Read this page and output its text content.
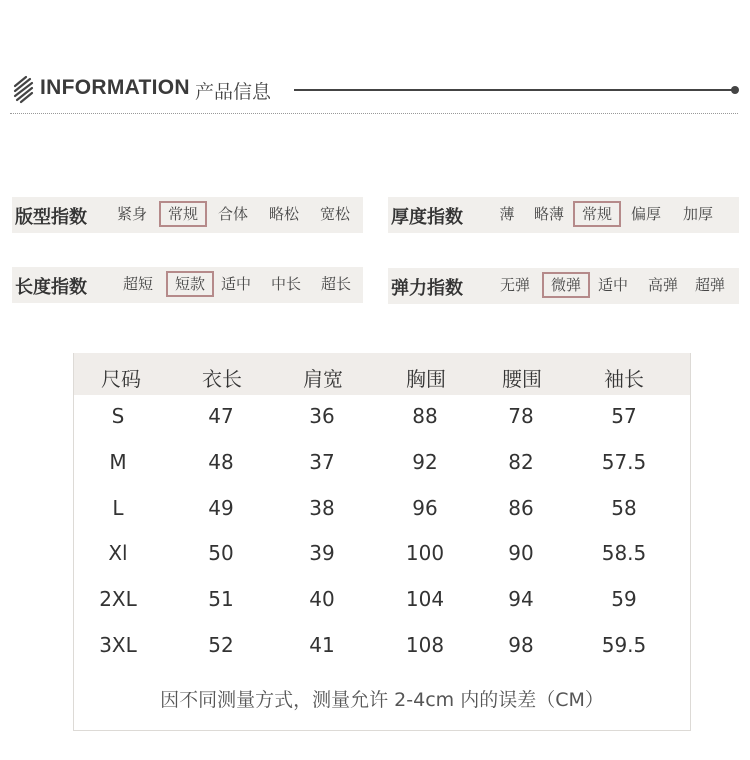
INFORMATION 产品信息
版型指数	紧身	常规	合体	略松	宽松 厚度指数	薄	略薄	常规	偏厚	加厚
长度指数	超短	短款	适中	中长	超长 弹力指数	无弹	微弹	适中	高弹	超弹
尺码	衣长	肩宽	胸围	腰围	袖长
S	47	36	88	78	57
M	48	37	92	82	57.5
L	49	38	96	86	58
Xl	50	39	100	90	58.5
2XL	51	40	104	94	59
3XL	52	41	108	98	59.5
因不同测量方式，测量允许 2-4cm 内的误差（CM）
